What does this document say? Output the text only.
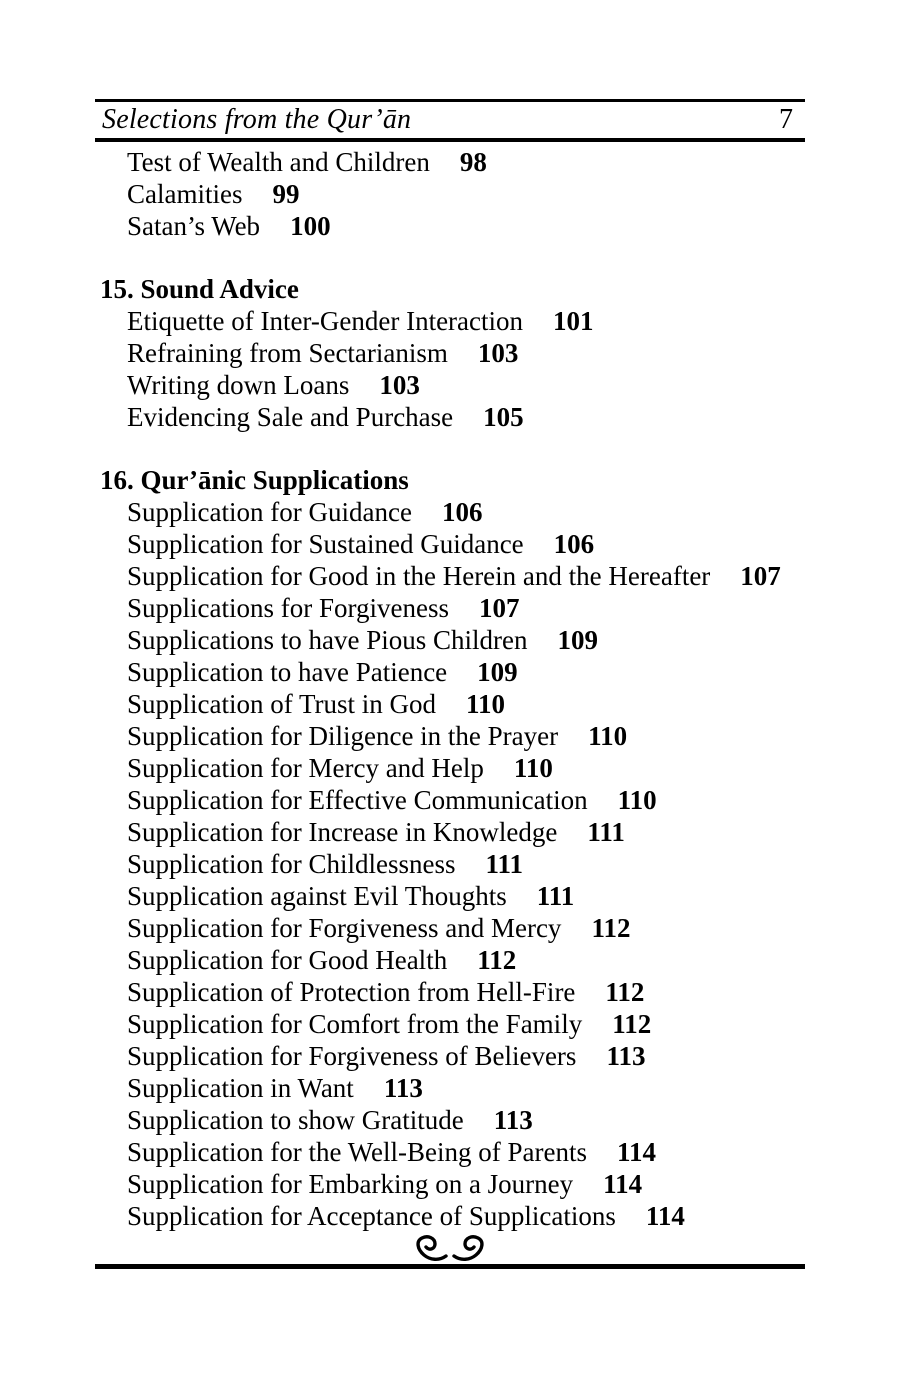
Selections from the Qur’ān	7
Test of Wealth and Children 98
Calamities 99
Satan’s Web 100
15. Sound Advice
Etiquette of Inter-Gender Interaction 101
Refraining from Sectarianism 103
Writing down Loans 103
Evidencing Sale and Purchase 105
16. Qur’ānic Supplications
Supplication for Guidance 106
Supplication for Sustained Guidance 106
Supplication for Good in the Herein and the Hereafter 107
Supplications for Forgiveness 107
Supplications to have Pious Children 109
Supplication to have Patience 109
Supplication of Trust in God 110
Supplication for Diligence in the Prayer 110
Supplication for Mercy and Help 110
Supplication for Effective Communication 110
Supplication for Increase in Knowledge 111
Supplication for Childlessness 111
Supplication against Evil Thoughts 111
Supplication for Forgiveness and Mercy 112
Supplication for Good Health 112
Supplication of Protection from Hell-Fire 112
Supplication for Comfort from the Family 112
Supplication for Forgiveness of Believers 113
Supplication in Want 113
Supplication to show Gratitude 113
Supplication for the Well-Being of Parents 114
Supplication for Embarking on a Journey 114
Supplication for Acceptance of Supplications 114
